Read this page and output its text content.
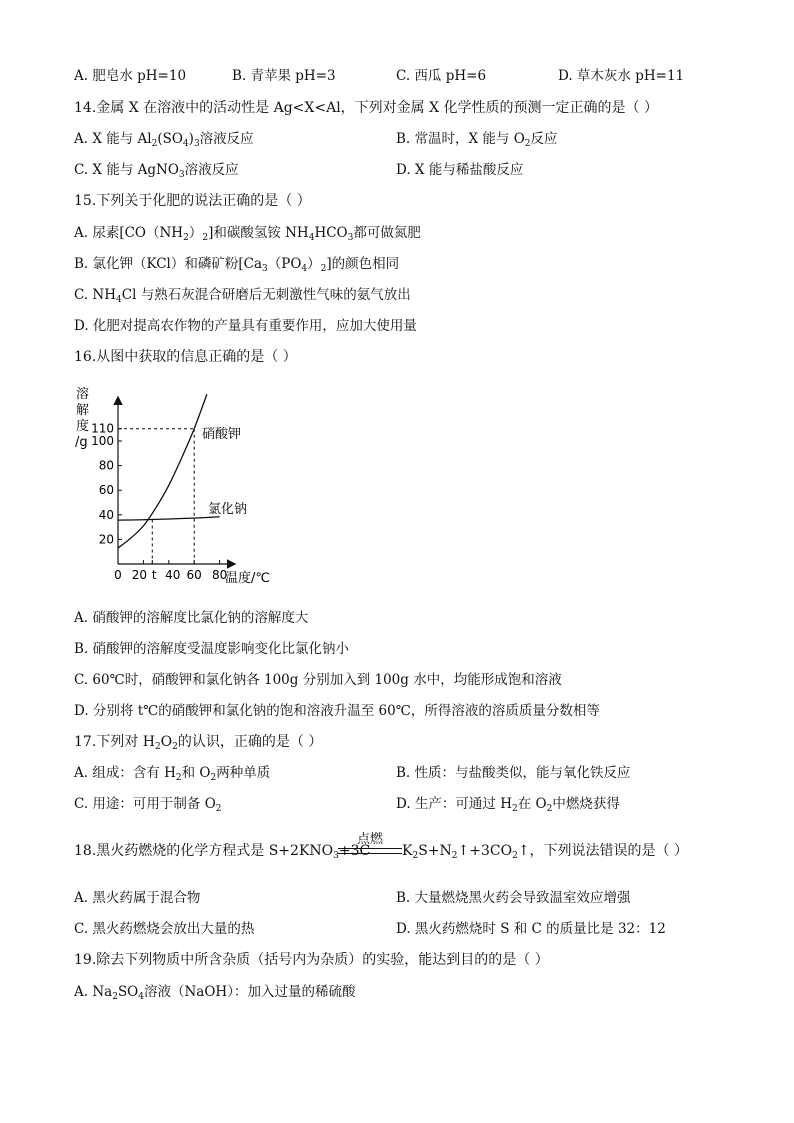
A. 肥皂水 pH=10	B. 青苹果 pH=3	C. 西瓜 pH=6	D. 草木灰水 pH=11
14.金属 X 在溶液中的活动性是 Ag<X<Al，下列对金属 X 化学性质的预测一定正确的是（ ）
A. X 能与 $Al_2(SO_4)_3$溶液反应	B. 常温时，X 能与 $O_2$反应
C. X 能与 AgNO$_3$溶液反应	D. X 能与稀盐酸反应
15.下列关于化肥的说法正确的是（ ）
A. 尿素$[CO(NH_2)_2]$和碳酸氢铵 $NH_4HCO_3$都可做氮肥
B. 氯化钾（KCl）和磷矿粉$[Ca_3(PO_4)_2]$的颜色相同
C. $NH_4Cl$ 与熟石灰混合研磨后无刺激性气味的氨气放出
D. 化肥对提高农作物的产量具有重要作用，应加大使用量
16.从图中获取的信息正确的是（ ）
溶
解
度
/g
温度/℃
硝酸钾
氯化钠
110
100
80
60
40
20
0 20 t 40 60 80
A. 硝酸钾的溶解度比氯化钠的溶解度大
B. 硝酸钾的溶解度受温度影响变化比氯化钠小
C. 60℃时，硝酸钾和氯化钠各 100g 分别加入到 100g 水中，均能形成饱和溶液
D. 分别将 t℃的硝酸钾和氯化钠的饱和溶液升温至 60℃，所得溶液的溶质质量分数相等
17.下列对 $H_2O_2$的认识，正确的是（ ）
A. 组成：含有 $H_2$和 $O_2$两种单质	B. 性质：与盐酸类似，能与氧化铁反应
C. 用途：可用于制备 $O_2$	D. 生产：可通过 $H_2$在 $O_2$中燃烧获得
点燃
18.黑火药燃烧的化学方程式是 $S+2KNO_3+3C$ $K_2S+N_2↑+3CO_2↑$，下列说法错误的是（ ）
A. 黑火药属于混合物	B. 大量燃烧黑火药会导致温室效应增强
C. 黑火药燃烧会放出大量的热	D. 黑火药燃烧时 S 和 C 的质量比是 32：12
19.除去下列物质中所含杂质（括号内为杂质）的实验，能达到目的的是（ ）
A. $Na_2SO_4$溶液（NaOH）：加入过量的稀硫酸
